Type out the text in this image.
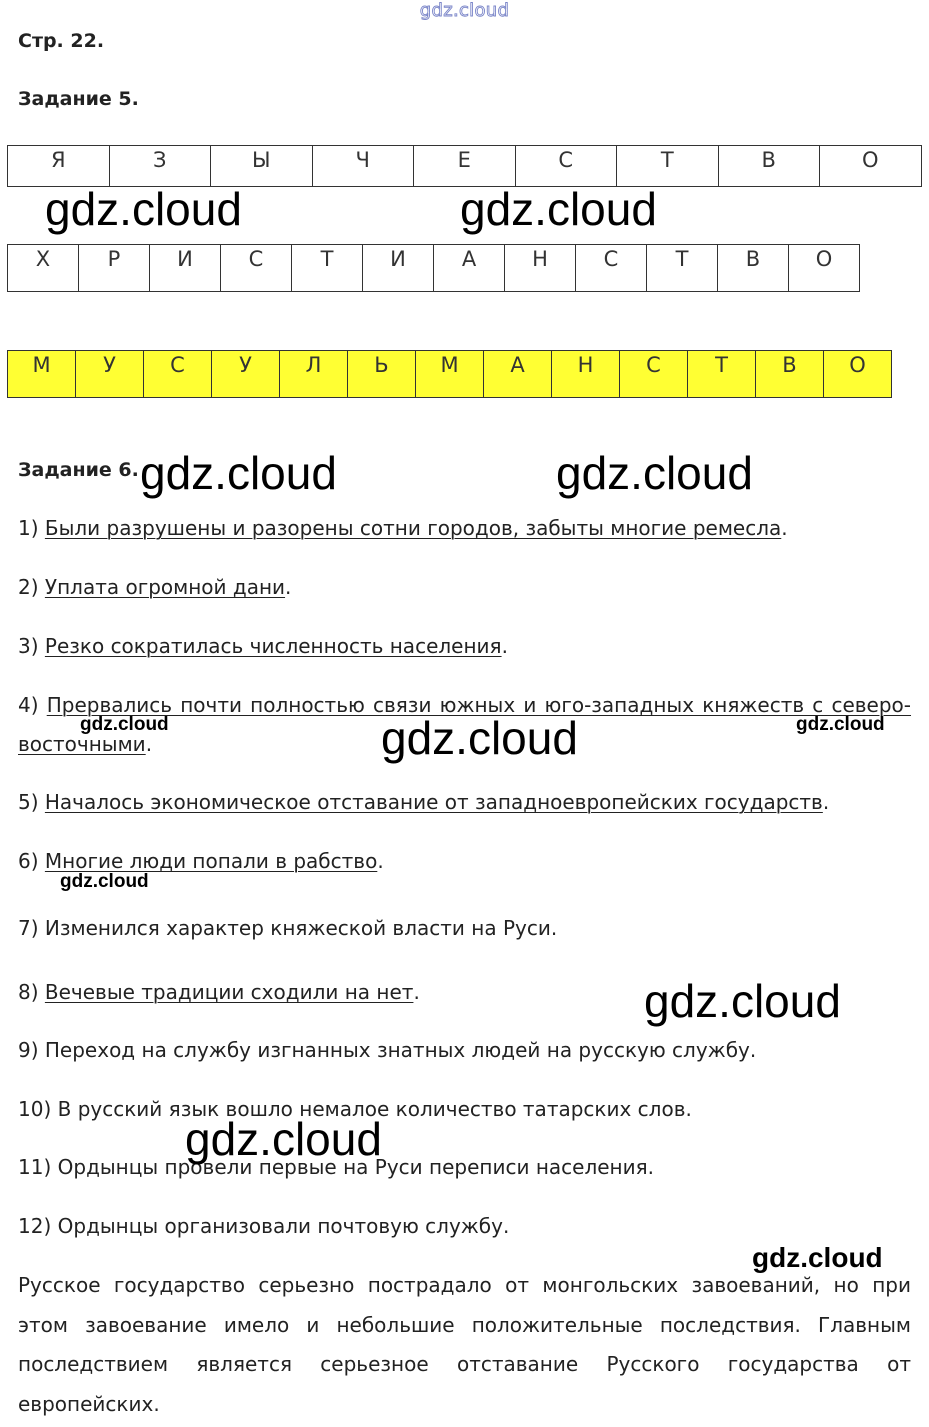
gdz.cloud
Стр. 22.
Задание 5.
Я	З	Ы	Ч	Е	С	Т	В	О
Х	Р	И	С	Т	И	А	Н	С	Т	В	О
М	У	С	У	Л	Ь	М	А	Н	С	Т	В	О
Задание 6.
1) Были разрушены и разорены сотни городов, забыты многие ремесла.
2) Уплата огромной дани.
3) Резко сократилась численность населения.
4) Прервались почти полностью связи южных и юго-западных княжеств с северо-восточными.
5) Началось экономическое отставание от западноевропейских государств.
6) Многие люди попали в рабство.
7) Изменился характер княжеской власти на Руси.
8) Вечевые традиции сходили на нет.
9) Переход на службу изгнанных знатных людей на русскую службу.
10) В русский язык вошло немалое количество татарских слов.
11) Ордынцы провели первые на Руси переписи населения.
12) Ордынцы организовали почтовую службу.
Русское государство серьезно пострадало от монгольских завоеваний, но при этом завоевание имело и небольшие положительные последствия. Главным последствием является серьезное отставание Русского государства от европейских.
gdz.cloud	gdz.cloud
gdz.cloud	gdz.cloud
gdz.cloud	gdz.cloud
gdz.cloud
gdz.cloud
gdz.cloud
gdz.cloud
gdz.cloud
